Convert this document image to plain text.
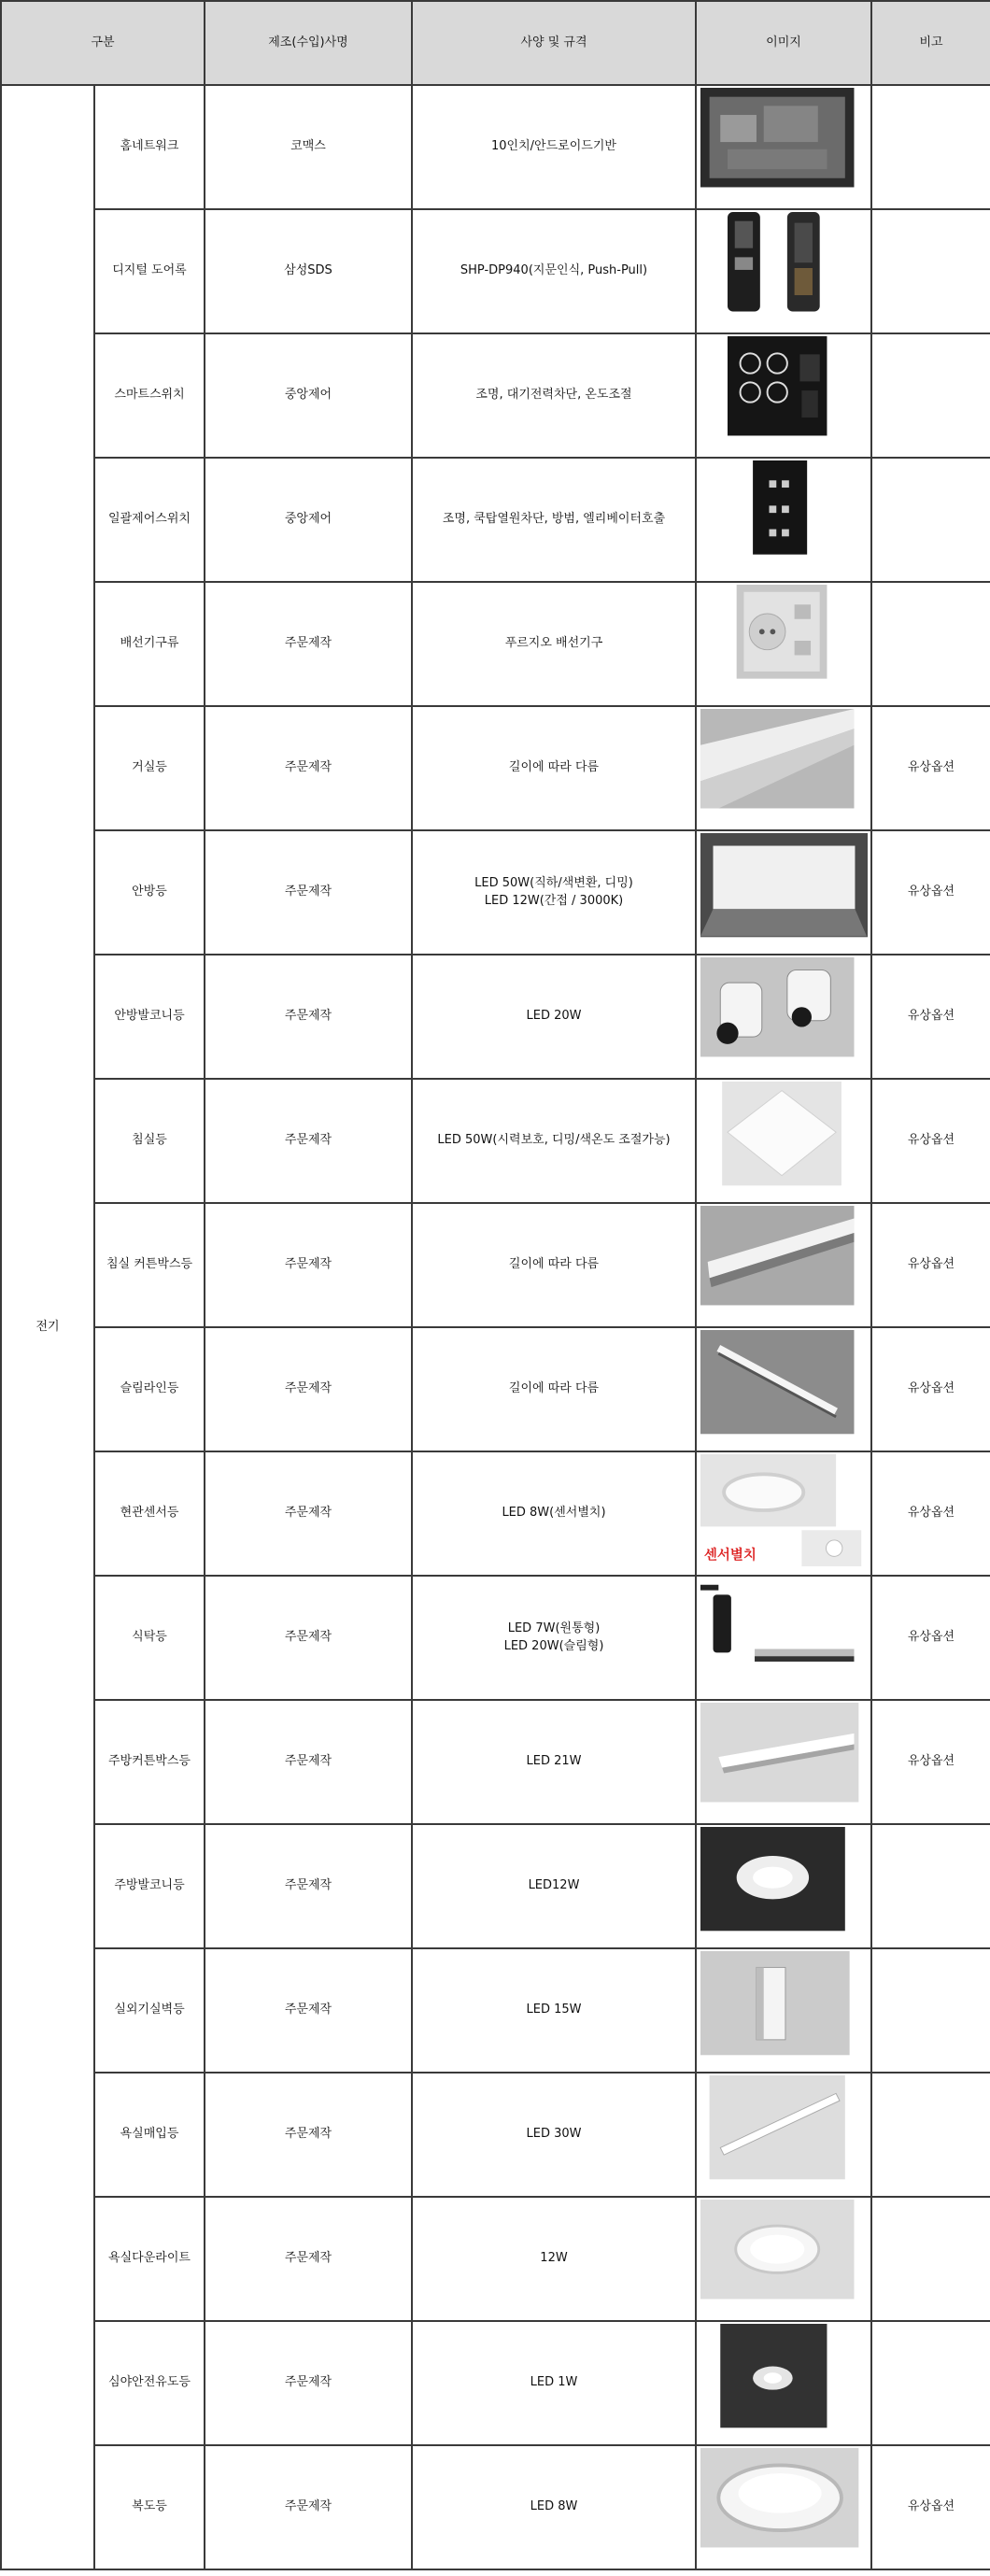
구분		제조(수입)사명	사양 및 규격	이미지	비고
전기	홈네트워크	코맥스	10인치/안드로이드기반

	디지털 도어록	삼성SDS	SHP-DP940(지문인식, Push-Pull)

	스마트스위치	중앙제어	조명, 대기전력차단, 온도조절

	일괄제어스위치	중앙제어	조명, 쿡탑열원차단, 방범, 엘리베이터호출

	배선기구류	주문제작	푸르지오 배선기구

	거실등	주문제작	길이에 따라 다름		유상옵션
	안방등	주문제작	LED 50W(직하/색변환, 디밍)
LED 12W(간접 / 3000K)		유상옵션
	안방발코니등	주문제작	LED 20W		유상옵션
	침실등	주문제작	LED 50W(시력보호, 디밍/색온도 조절가능)		유상옵션
	침실 커튼박스등	주문제작	길이에 따라 다름		유상옵션
	슬림라인등	주문제작	길이에 따라 다름		유상옵션
	현관센서등	주문제작	LED 8W(센서별치)	센서별치	유상옵션
	식탁등	주문제작	LED 7W(원통형)
LED 20W(슬림형)		유상옵션
	주방커튼박스등	주문제작	LED 21W		유상옵션
	주방발코니등	주문제작	LED12W

	실외기실벽등	주문제작	LED 15W

	욕실매입등	주문제작	LED 30W

	욕실다운라이트	주문제작	12W

	심야안전유도등	주문제작	LED 1W

	복도등	주문제작	LED 8W		유상옵션
